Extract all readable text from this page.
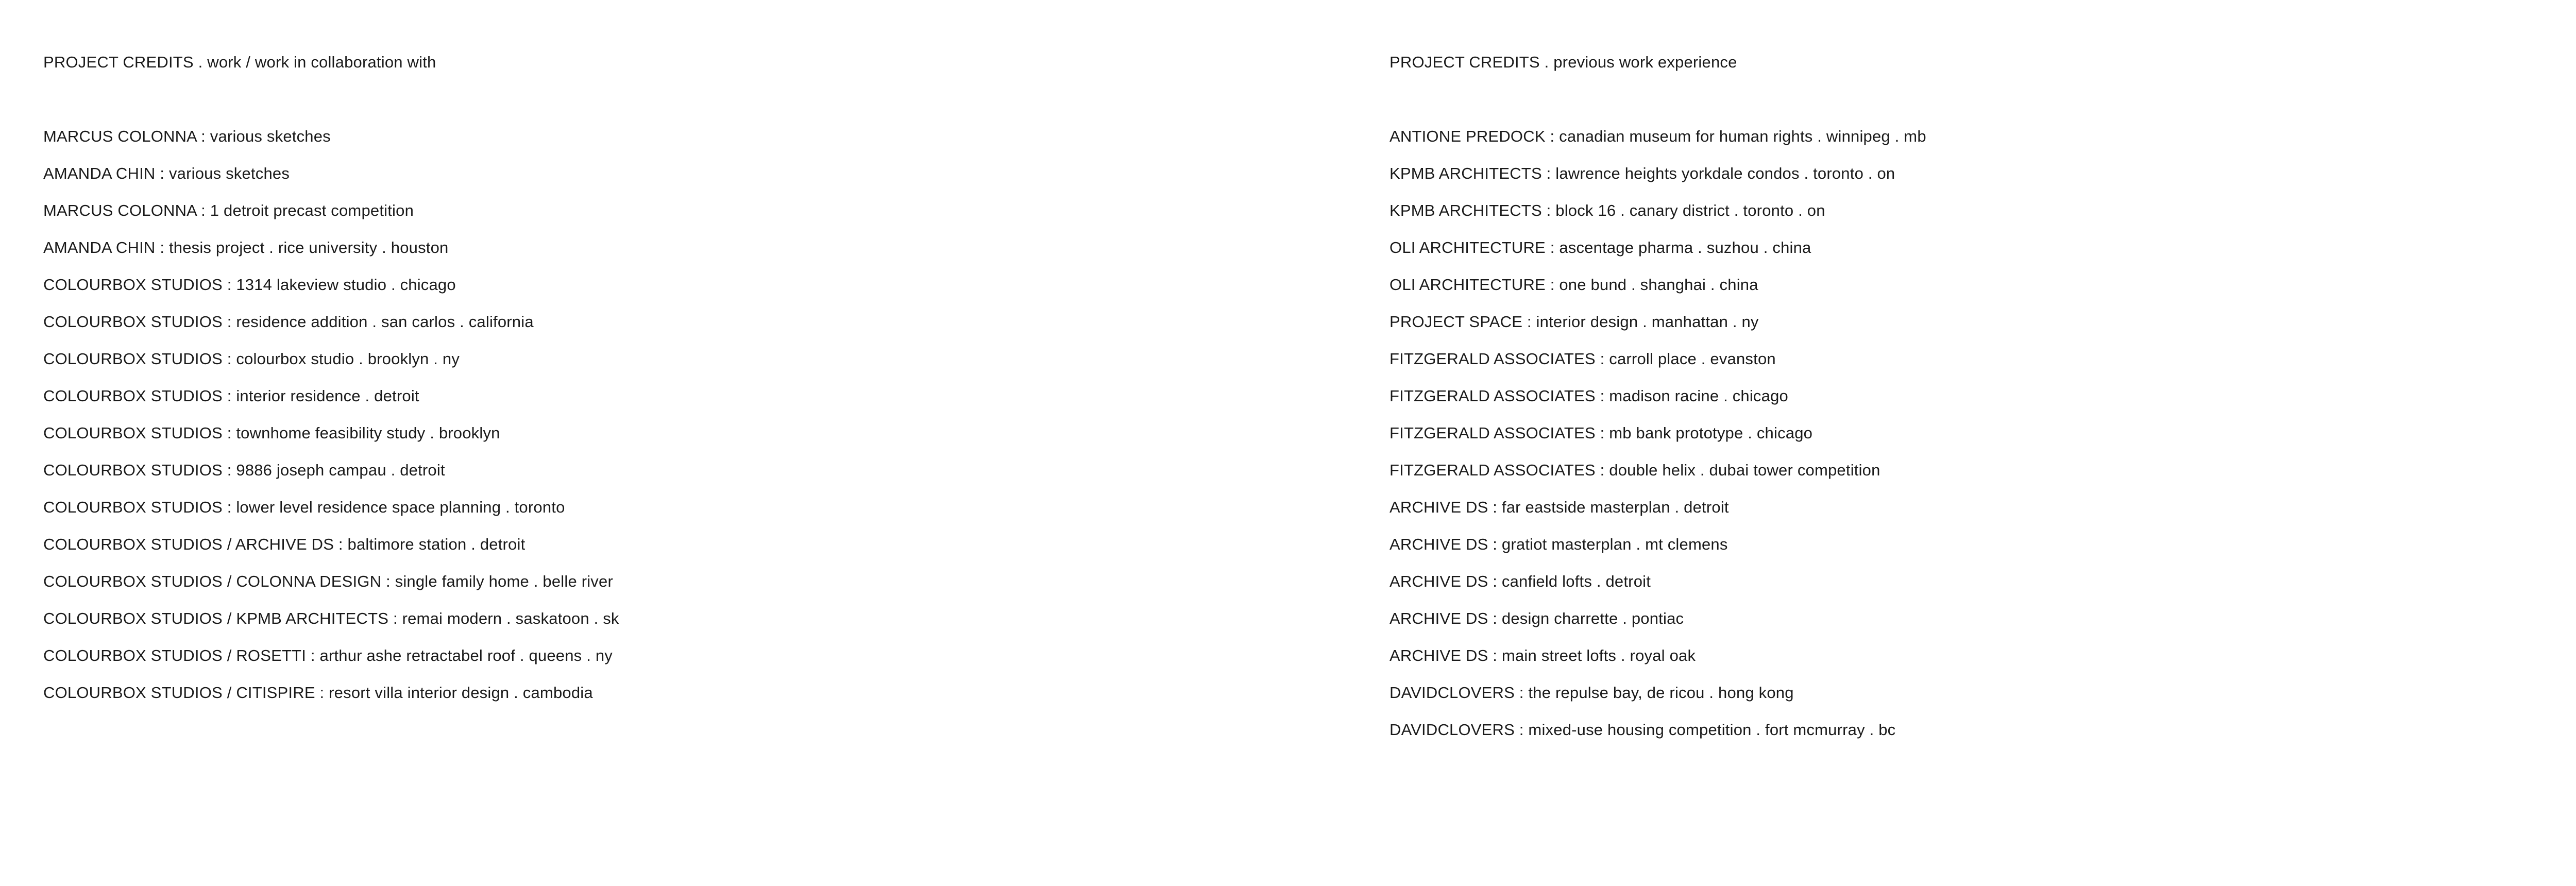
PROJECT CREDITS . work / work in collaboration with
MARCUS COLONNA : various sketches
AMANDA CHIN : various sketches
MARCUS COLONNA : 1 detroit precast competition
AMANDA CHIN : thesis project . rice university . houston
COLOURBOX STUDIOS : 1314 lakeview studio . chicago
COLOURBOX STUDIOS : residence addition . san carlos . california
COLOURBOX STUDIOS : colourbox studio . brooklyn . ny
COLOURBOX STUDIOS : interior residence . detroit
COLOURBOX STUDIOS : townhome feasibility study . brooklyn
COLOURBOX STUDIOS : 9886 joseph campau . detroit
COLOURBOX STUDIOS : lower level residence space planning . toronto
COLOURBOX STUDIOS / ARCHIVE DS : baltimore station . detroit
COLOURBOX STUDIOS / COLONNA DESIGN : single family home . belle river
COLOURBOX STUDIOS / KPMB ARCHITECTS : remai modern . saskatoon . sk
COLOURBOX STUDIOS / ROSETTI : arthur ashe retractabel roof . queens . ny
COLOURBOX STUDIOS / CITISPIRE : resort villa interior design . cambodia
PROJECT CREDITS . previous work experience
ANTIONE PREDOCK : canadian museum for human rights . winnipeg . mb
KPMB ARCHITECTS : lawrence heights yorkdale condos . toronto . on
KPMB ARCHITECTS : block 16 . canary district . toronto . on
OLI ARCHITECTURE : ascentage pharma . suzhou . china
OLI ARCHITECTURE : one bund . shanghai . china
PROJECT SPACE : interior design . manhattan . ny
FITZGERALD ASSOCIATES : carroll place . evanston
FITZGERALD ASSOCIATES : madison racine . chicago
FITZGERALD ASSOCIATES : mb bank prototype . chicago
FITZGERALD ASSOCIATES : double helix . dubai tower competition
ARCHIVE DS : far eastside masterplan . detroit
ARCHIVE DS : gratiot masterplan . mt clemens
ARCHIVE DS : canfield lofts . detroit
ARCHIVE DS : design charrette . pontiac
ARCHIVE DS : main street lofts . royal oak
DAVIDCLOVERS : the repulse bay, de ricou . hong kong
DAVIDCLOVERS : mixed-use housing competition . fort mcmurray . bc
